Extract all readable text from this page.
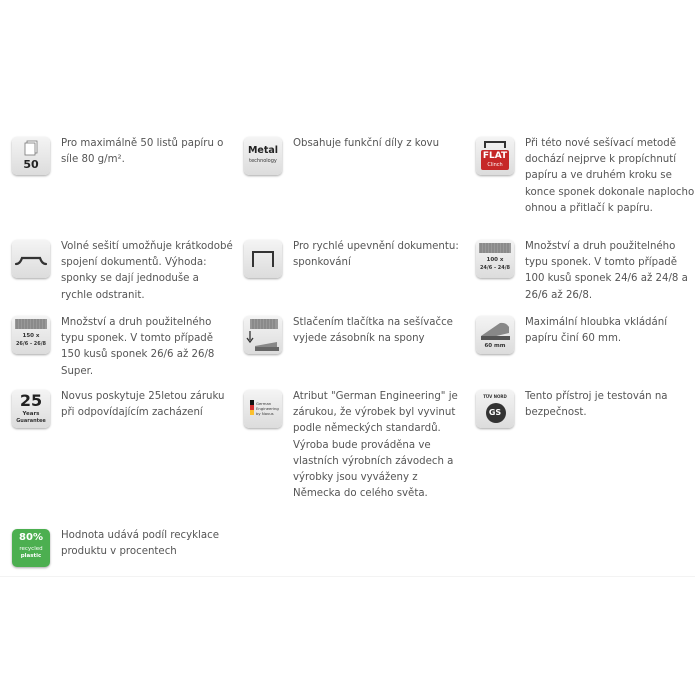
50
Pro maximálně 50 listů papíru o síle 80 g/m².
Metal
technology
Obsahuje funkční díly z kovu
FLAT
Clinch
Při této nové sešívací metodě dochází nejprve k propíchnutí papíru a ve druhém kroku se konce sponek dokonale naplocho ohnou a přitlačí k papíru.
Volné sešití umožňuje krátkodobé spojení dokumentů. Výhoda: sponky se dají jednoduše a rychle odstranit.
Pro rychlé upevnění dokumentu: sponkování	100 x
24/6 - 24/8
Množství a druh použitelného typu sponek. V tomto případě 100 kusů sponek 24/6 až 24/8 a 26/6 až 26/8.
150 x
26/6 - 26/8
Množství a druh použitelného typu sponek. V tomto případě 150 kusů sponek 26/6 až 26/8 Super.
Stlačením tlačítka na sešívačce vyjede zásobník na spony
60 mm
Maximální hloubka vkládání papíru činí 60 mm.
25
Years
Guarantee
Novus poskytuje 25letou záruku při odpovídajícím zacházení
German
Engineering
by Novus
Atribut "German Engineering" je zárukou, že výrobek byl vyvinut podle německých standardů. Výroba bude prováděna ve vlastních výrobních závodech a výrobky jsou vyváženy z Německa do celého světa.
TÜV NORD
GS
Tento přístroj je testován na bezpečnost.
80%
recycled
plastic
Hodnota udává podíl recyklace produktu v procentech
